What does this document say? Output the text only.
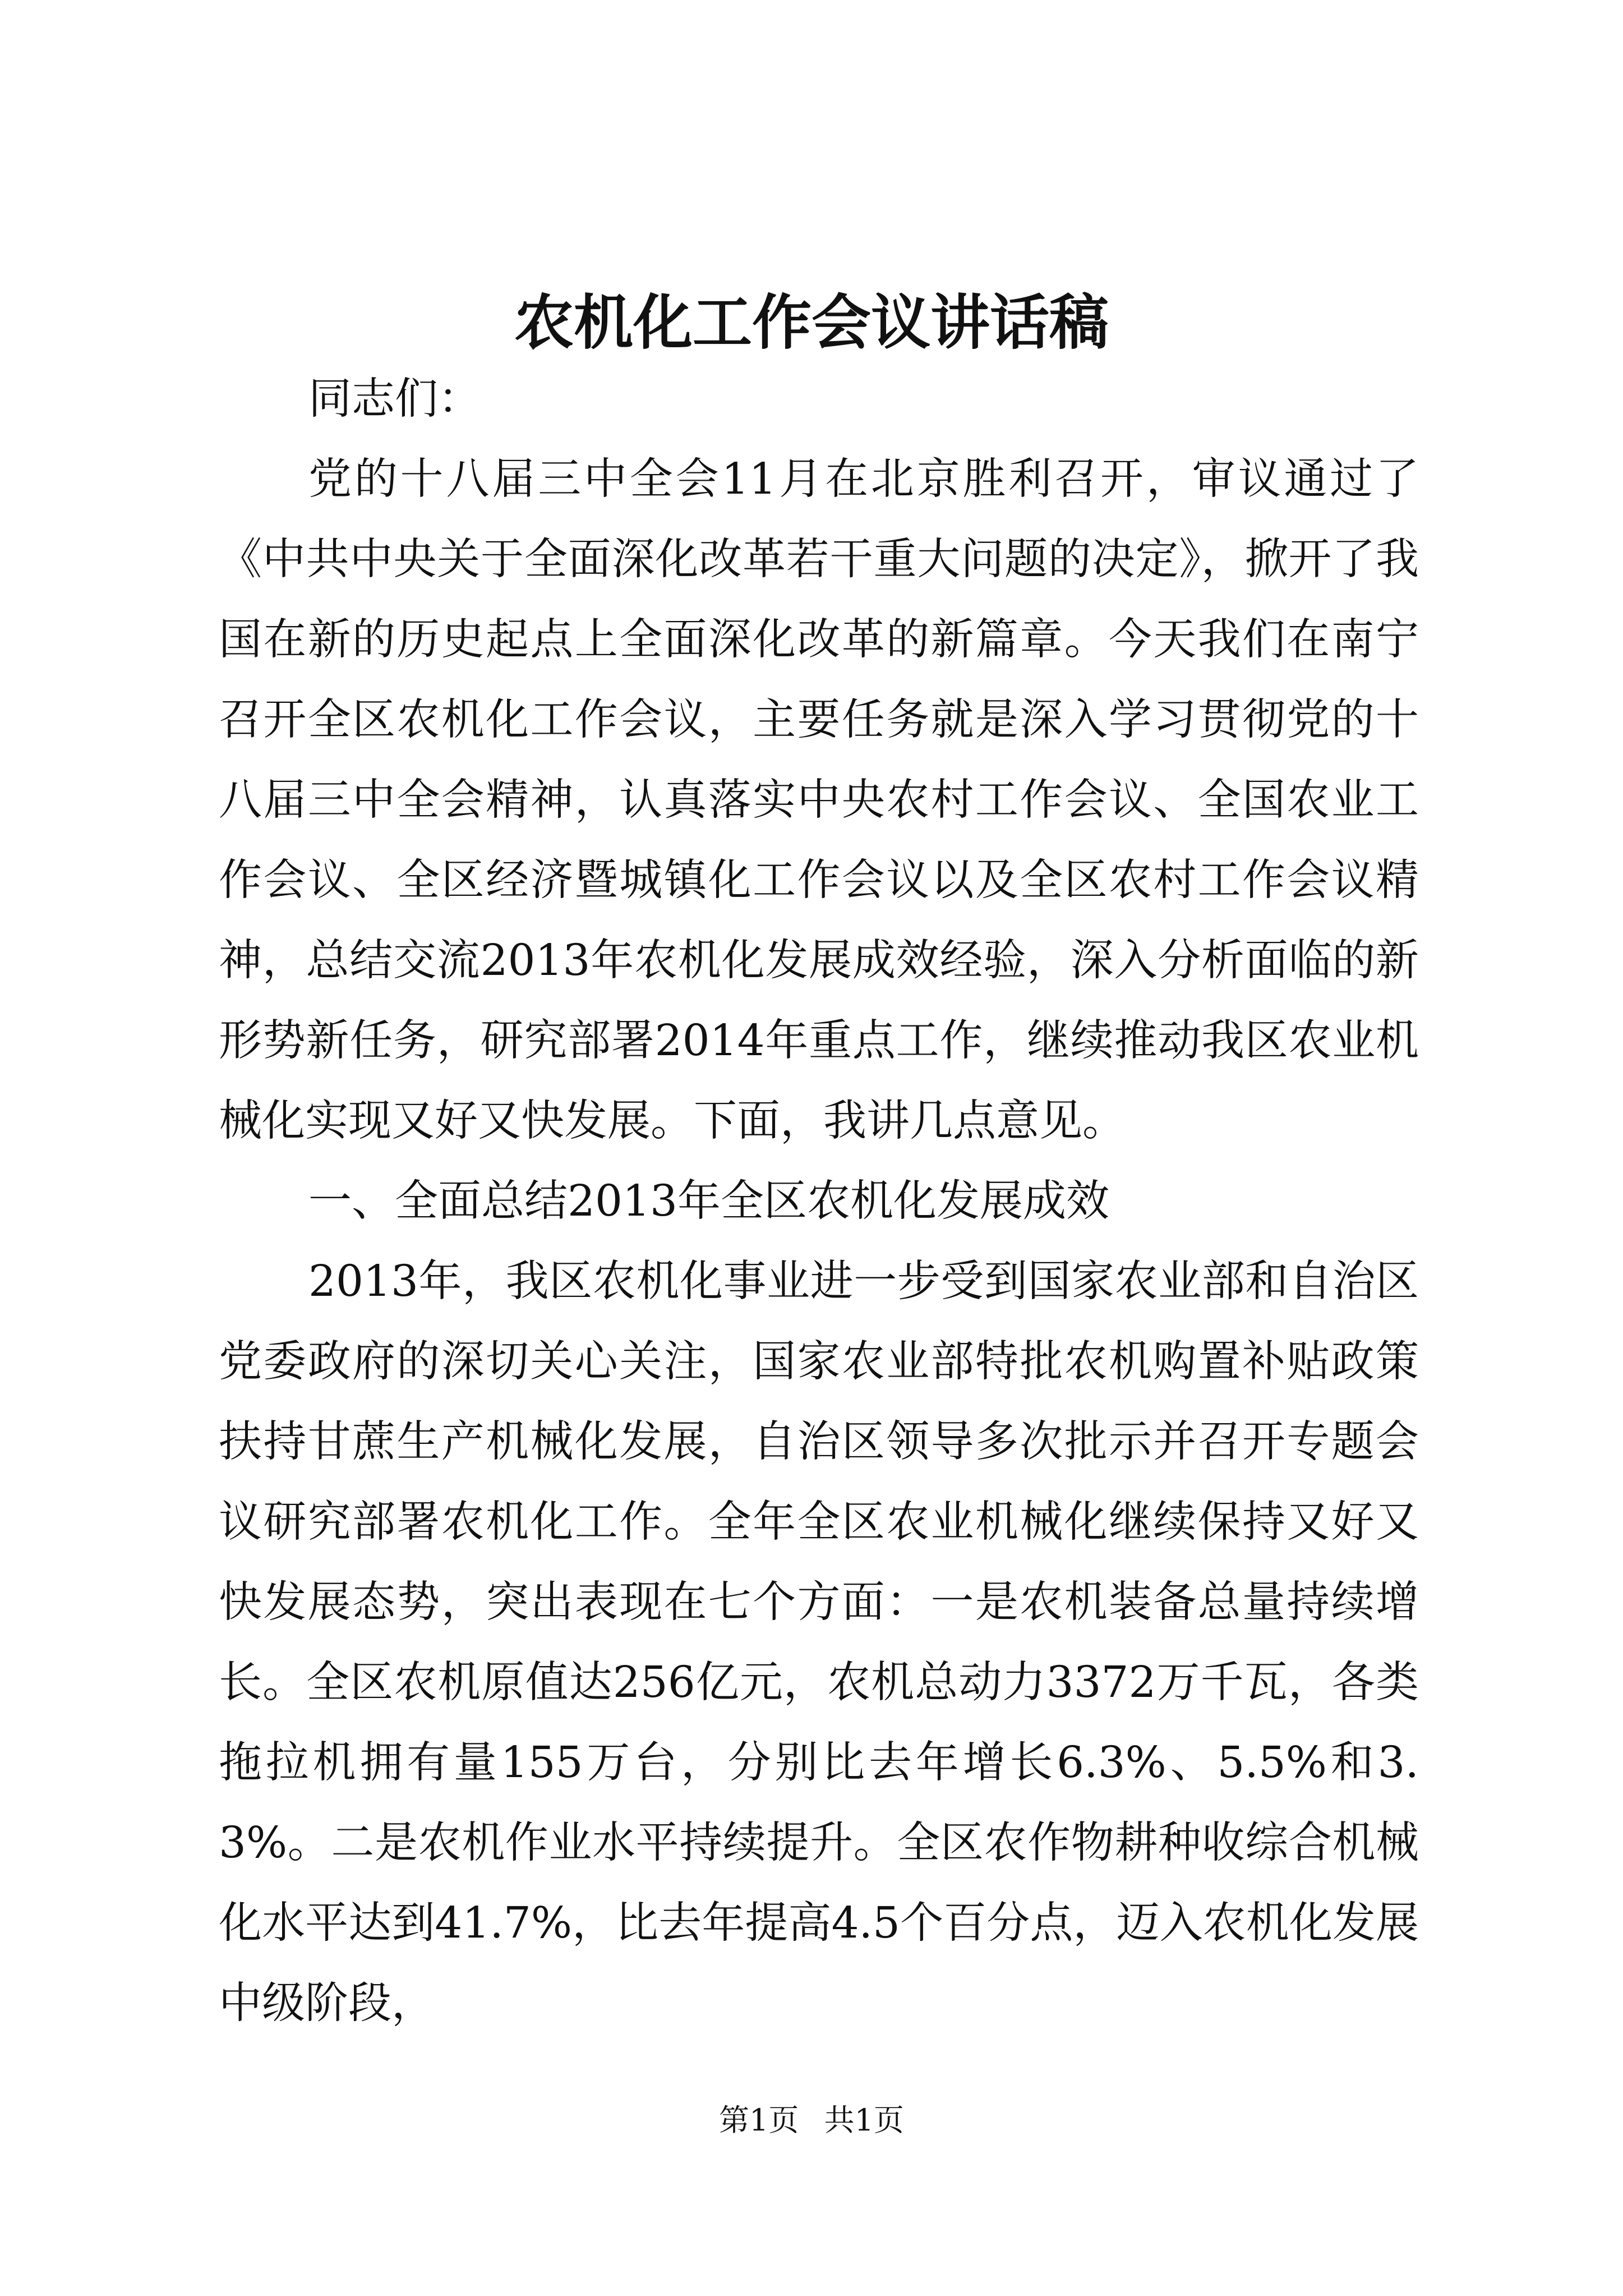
农机化工作会议讲话稿

同志们：

党的十八届三中全会11月在北京胜利召开，审议通过了《中共中央关于全面深化改革若干重大问题的决定》，掀开了我国在新的历史起点上全面深化改革的新篇章。今天我们在南宁召开全区农机化工作会议，主要任务就是深入学习贯彻党的十八届三中全会精神，认真落实中央农村工作会议、全国农业工作会议、全区经济暨城镇化工作会议以及全区农村工作会议精神，总结交流2013年农机化发展成效经验，深入分析面临的新形势新任务，研究部署2014年重点工作，继续推动我区农业机械化实现又好又快发展。下面，我讲几点意见。

一、全面总结2013年全区农机化发展成效

2013年，我区农机化事业进一步受到国家农业部和自治区党委政府的深切关心关注，国家农业部特批农机购置补贴政策扶持甘蔗生产机械化发展，自治区领导多次批示并召开专题会议研究部署农机化工作。全年全区农业机械化继续保持又好又快发展态势，突出表现在七个方面：一是农机装备总量持续增长。全区农机原值达256亿元，农机总动力3372万千瓦，各类拖拉机拥有量155万台，分别比去年增长6.3%、5.5%和3.3%。二是农机作业水平持续提升。全区农作物耕种收综合机械化水平达到41.7%，比去年提高4.5个百分点，迈入农机化发展中级阶段，

第1页 共1页
